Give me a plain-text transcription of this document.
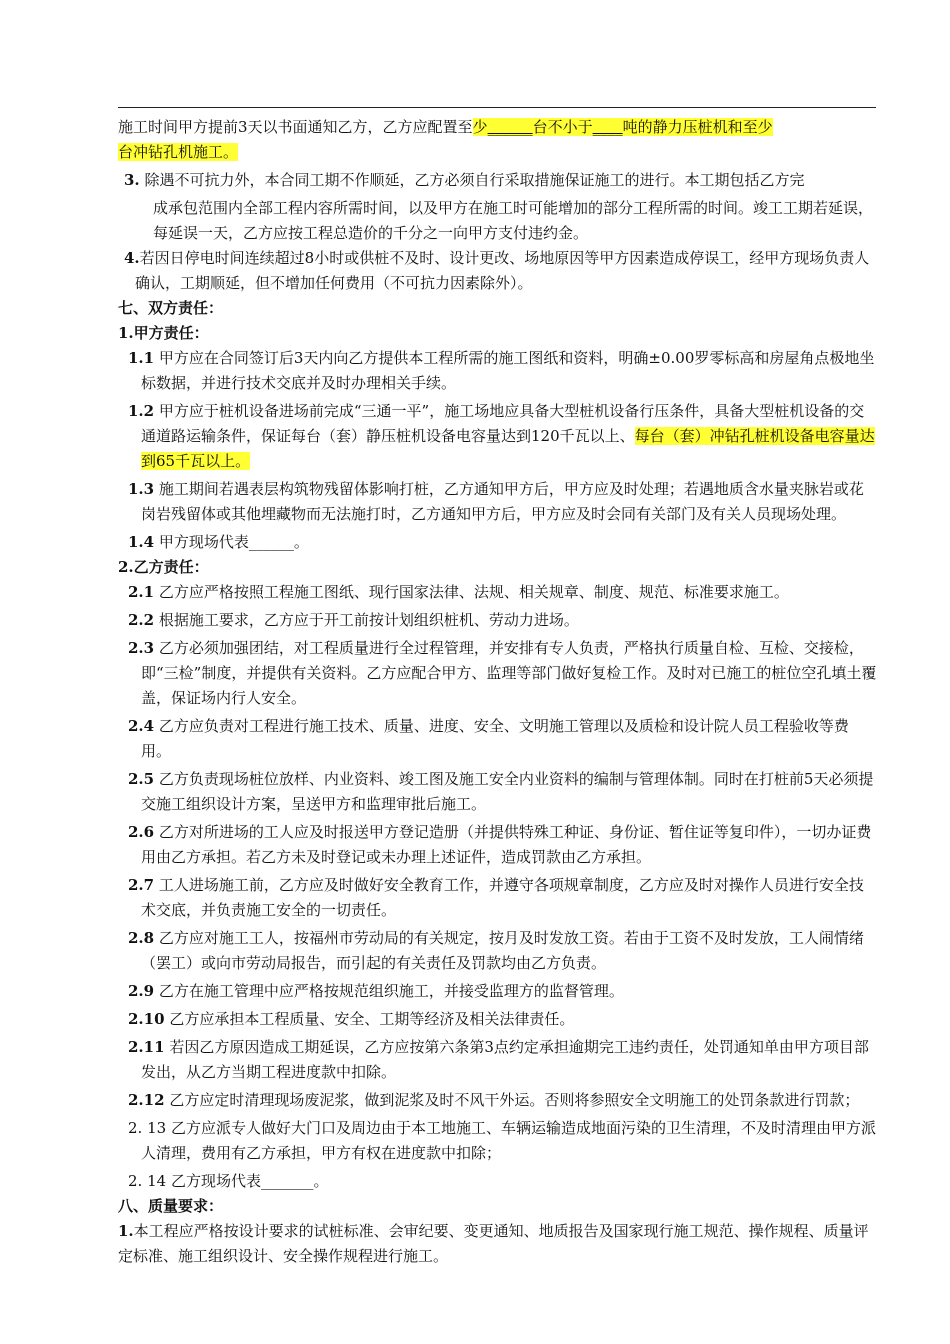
施工时间甲方提前3天以书面通知乙方，乙方应配置至少______台不小于____吨的静力压桩机和至少
台冲钻孔机施工。

3. 除遇不可抗力外，本合同工期不作顺延，乙方必须自行采取措施保证施工的进行。本工期包括乙方完

成承包范围内全部工程内容所需时间，以及甲方在施工时可能增加的部分工程所需的时间。竣工工期若延误，每延误一天，乙方应按工程总造价的千分之一向甲方支付违约金。

4.若因日停电时间连续超过8小时或供桩不及时、设计更改、场地原因等甲方因素造成停误工，经甲方现场负责人确认，工期顺延，但不增加任何费用（不可抗力因素除外）。

七、双方责任：

1.甲方责任：

1.1 甲方应在合同签订后3天内向乙方提供本工程所需的施工图纸和资料，明确±0.00罗零标高和房屋角点极地坐标数据，并进行技术交底并及时办理相关手续。

1.2 甲方应于桩机设备进场前完成“三通一平”，施工场地应具备大型桩机设备行压条件，具备大型桩机设备的交通道路运输条件，保证每台（套）静压桩机设备电容量达到120千瓦以上、每台（套）冲钻孔桩机设备电容量达到65千瓦以上。

1.3 施工期间若遇表层构筑物残留体影响打桩，乙方通知甲方后，甲方应及时处理；若遇地质含水量夹脉岩或花岗岩残留体或其他埋藏物而无法施打时，乙方通知甲方后，甲方应及时会同有关部门及有关人员现场处理。

1.4 甲方现场代表______。

2.乙方责任：

2.1 乙方应严格按照工程施工图纸、现行国家法律、法规、相关规章、制度、规范、标准要求施工。

2.2 根据施工要求，乙方应于开工前按计划组织桩机、劳动力进场。

2.3 乙方必须加强团结，对工程质量进行全过程管理，并安排有专人负责，严格执行质量自检、互检、交接检，即“三检”制度，并提供有关资料。乙方应配合甲方、监理等部门做好复检工作。及时对已施工的桩位空孔填土覆盖，保证场内行人安全。

2.4 乙方应负责对工程进行施工技术、质量、进度、安全、文明施工管理以及质检和设计院人员工程验收等费用。

2.5 乙方负责现场桩位放样、内业资料、竣工图及施工安全内业资料的编制与管理体制。同时在打桩前5天必须提交施工组织设计方案，呈送甲方和监理审批后施工。

2.6 乙方对所进场的工人应及时报送甲方登记造册（并提供特殊工种证、身份证、暂住证等复印件），一切办证费用由乙方承担。若乙方未及时登记或未办理上述证件，造成罚款由乙方承担。

2.7 工人进场施工前，乙方应及时做好安全教育工作，并遵守各项规章制度，乙方应及时对操作人员进行安全技术交底，并负责施工安全的一切责任。

2.8 乙方应对施工工人，按福州市劳动局的有关规定，按月及时发放工资。若由于工资不及时发放，工人闹情绪（罢工）或向市劳动局报告，而引起的有关责任及罚款均由乙方负责。

2.9 乙方在施工管理中应严格按规范组织施工，并接受监理方的监督管理。

2.10 乙方应承担本工程质量、安全、工期等经济及相关法律责任。

2.11 若因乙方原因造成工期延误，乙方应按第六条第3点约定承担逾期完工违约责任，处罚通知单由甲方项目部发出，从乙方当期工程进度款中扣除。

2.12 乙方应定时清理现场废泥浆，做到泥浆及时不风干外运。否则将参照安全文明施工的处罚条款进行罚款；

2. 13 乙方应派专人做好大门口及周边由于本工地施工、车辆运输造成地面污染的卫生清理，不及时清理由甲方派人清理，费用有乙方承担，甲方有权在进度款中扣除；

2. 14 乙方现场代表_______。

八、质量要求：

1.本工程应严格按设计要求的试桩标准、会审纪要、变更通知、地质报告及国家现行施工规范、操作规程、质量评定标准、施工组织设计、安全操作规程进行施工。
